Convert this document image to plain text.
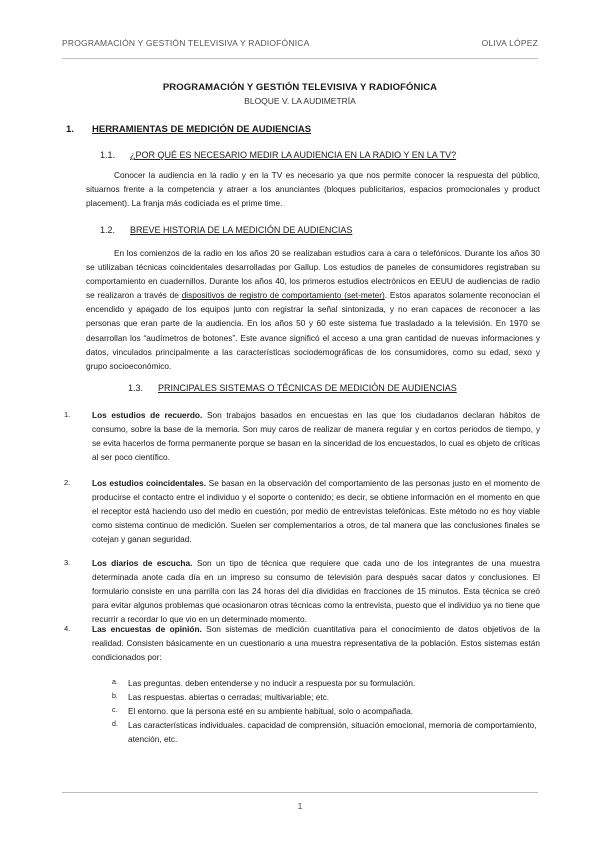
PROGRAMACIÓN Y GESTIÓN TELEVISIVA Y RADIOFÓNICA	OLIVA LÓPEZ
PROGRAMACIÓN Y GESTIÓN TELEVISIVA Y RADIOFÓNICA
BLOQUE V. LA AUDIMETRÍA
1. HERRAMIENTAS DE MEDICIÓN DE AUDIENCIAS
1.1. ¿POR QUÉ ES NECESARIO MEDIR LA AUDIENCIA EN LA RADIO Y EN LA TV?
Conocer la audiencia en la radio y en la TV es necesario ya que nos permite conocer la respuesta del público, situarnos frente a la competencia y atraer a los anunciantes (bloques publicitarios, espacios promocionales y product placement). La franja más codiciada es el prime time.
1.2. BREVE HISTORIA DE LA MEDICIÓN DE AUDIENCIAS
En los comienzos de la radio en los años 20 se realizaban estudios cara a cara o telefónicos. Durante los años 30 se utilizaban técnicas coincidentales desarrolladas por Gallup. Los estudios de paneles de consumidores registraban su comportamiento en cuadernillos. Durante los años 40, los primeros estudios electrónicos en EEUU de audiencias de radio se realizaron a través de dispositivos de registro de comportamiento (set-meter). Estos aparatos solamente reconocían el encendido y apagado de los equipos junto con registrar la señal sintonizada, y no eran capaces de reconocer a las personas que eran parte de la audiencia. En los años 50 y 60 este sistema fue trasladado a la televisión. En 1970 se desarrollan los “audímetros de botones”. Este avance significó el acceso a una gran cantidad de nuevas informaciones y datos, vinculados principalmente a las características sociodemográficas de los consumidores, como su edad, sexo y grupo socioeconómico.
1.3. PRINCIPALES SISTEMAS O TÉCNICAS DE MEDICIÓN DE AUDIENCIAS
1.	Los estudios de recuerdo. Son trabajos basados en encuestas en las que los ciudadanos declaran hábitos de consumo, sobre la base de la memoria. Son muy caros de realizar de manera regular y en cortos periodos de tiempo, y se evita hacerlos de forma permanente porque se basan en la sinceridad de los encuestados, lo cual es objeto de críticas al ser poco científico.
2.	Los estudios coincidentales. Se basan en la observación del comportamiento de las personas justo en el momento de producirse el contacto entre el individuo y el soporte o contenido; es decir, se obtiene información en el momento en que el receptor está haciendo uso del medio en cuestión, por medio de entrevistas telefónicas. Este método no es hoy viable como sistema continuo de medición. Suelen ser complementarios a otros, de tal manera que las conclusiones finales se cotejan y ganan seguridad.
3.	Los diarios de escucha. Son un tipo de técnica que requiere que cada uno de los integrantes de una muestra determinada anote cada día en un impreso su consumo de televisión para después sacar datos y conclusiones. El formulario consiste en una parrilla con las 24 horas del día divididas en fracciones de 15 minutos. Esta técnica se creó para evitar algunos problemas que ocasionaron otras técnicas como la entrevista, puesto que el individuo ya no tiene que recurrir a recordar lo que vio en un determinado momento.
4.	Las encuestas de opinión. Son sistemas de medición cuantitativa para el conocimiento de datos objetivos de la realidad. Consisten básicamente en un cuestionario a una muestra representativa de la población. Estos sistemas están condicionados por:
a. Las preguntas. deben entenderse y no inducir a respuesta por su formulación.
b. Las respuestas. abiertas o cerradas; multivariable; etc.
c. El entorno. que la persona esté en su ambiente habitual, solo o acompañada.
d. Las características individuales. capacidad de comprensión, situación emocional, memoria de comportamiento, atención, etc.
1
